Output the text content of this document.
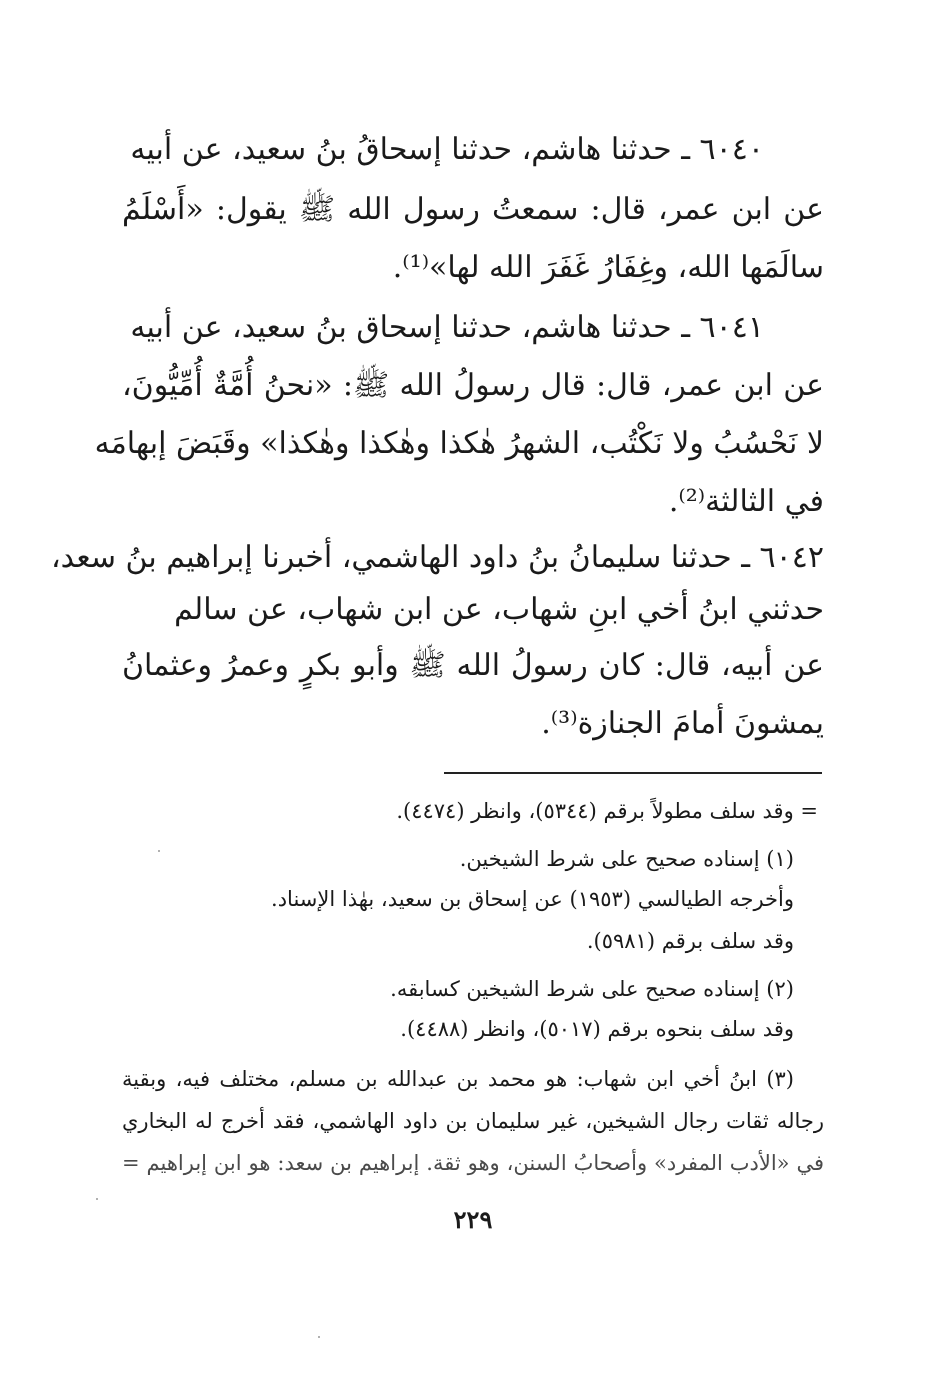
٦٠٤٠ ـ حدثنا هاشم، حدثنا إسحاقُ بنُ سعيد، عن أبيه
عن ابن عمر، قال: سمعتُ رسول الله ﷺ يقول: «أَسْلَمُ
سالَمَها الله، وغِفَارُ غَفَرَ الله لها»⁽¹⁾.
٦٠٤١ ـ حدثنا هاشم، حدثنا إسحاق بنُ سعيد، عن أبيه
عن ابن عمر، قال: قال رسولُ الله ﷺ: «نحنُ أُمَّةٌ أُمِّيُّونَ،
لا نَحْسُبُ ولا نَكْتُب، الشهرُ هٰكذا وهٰكذا وهٰكذا» وقَبَضَ إبهامَه
في الثالثة⁽²⁾.
٦٠٤٢ ـ حدثنا سليمانُ بنُ داود الهاشمي، أخبرنا إبراهيم بنُ سعد،
حدثني ابنُ أخي ابنِ شهاب، عن ابن شهاب، عن سالم
عن أبيه، قال: كان رسولُ الله ﷺ وأبو بكرٍ وعمرُ وعثمانُ
يمشونَ أمامَ الجنازة⁽³⁾.
= وقد سلف مطولاً برقم (٥٣٤٤)، وانظر (٤٤٧٤).
(١) إسناده صحيح على شرط الشيخين.
وأخرجه الطيالسي (١٩٥٣) عن إسحاق بن سعيد، بهٰذا الإسناد.
وقد سلف برقم (٥٩٨١).
(٢) إسناده صحيح على شرط الشيخين كسابقه.
وقد سلف بنحوه برقم (٥٠١٧)، وانظر (٤٤٨٨).
(٣) ابنُ أخي ابن شهاب: هو محمد بن عبدالله بن مسلم، مختلف فيه، وبقية
رجاله ثقات رجال الشيخين، غير سليمان بن داود الهاشمي، فقد أخرج له البخاري
في «الأدب المفرد» وأصحابُ السنن، وهو ثقة. إبراهيم بن سعد: هو ابن إبراهيم =
٢٢٩
